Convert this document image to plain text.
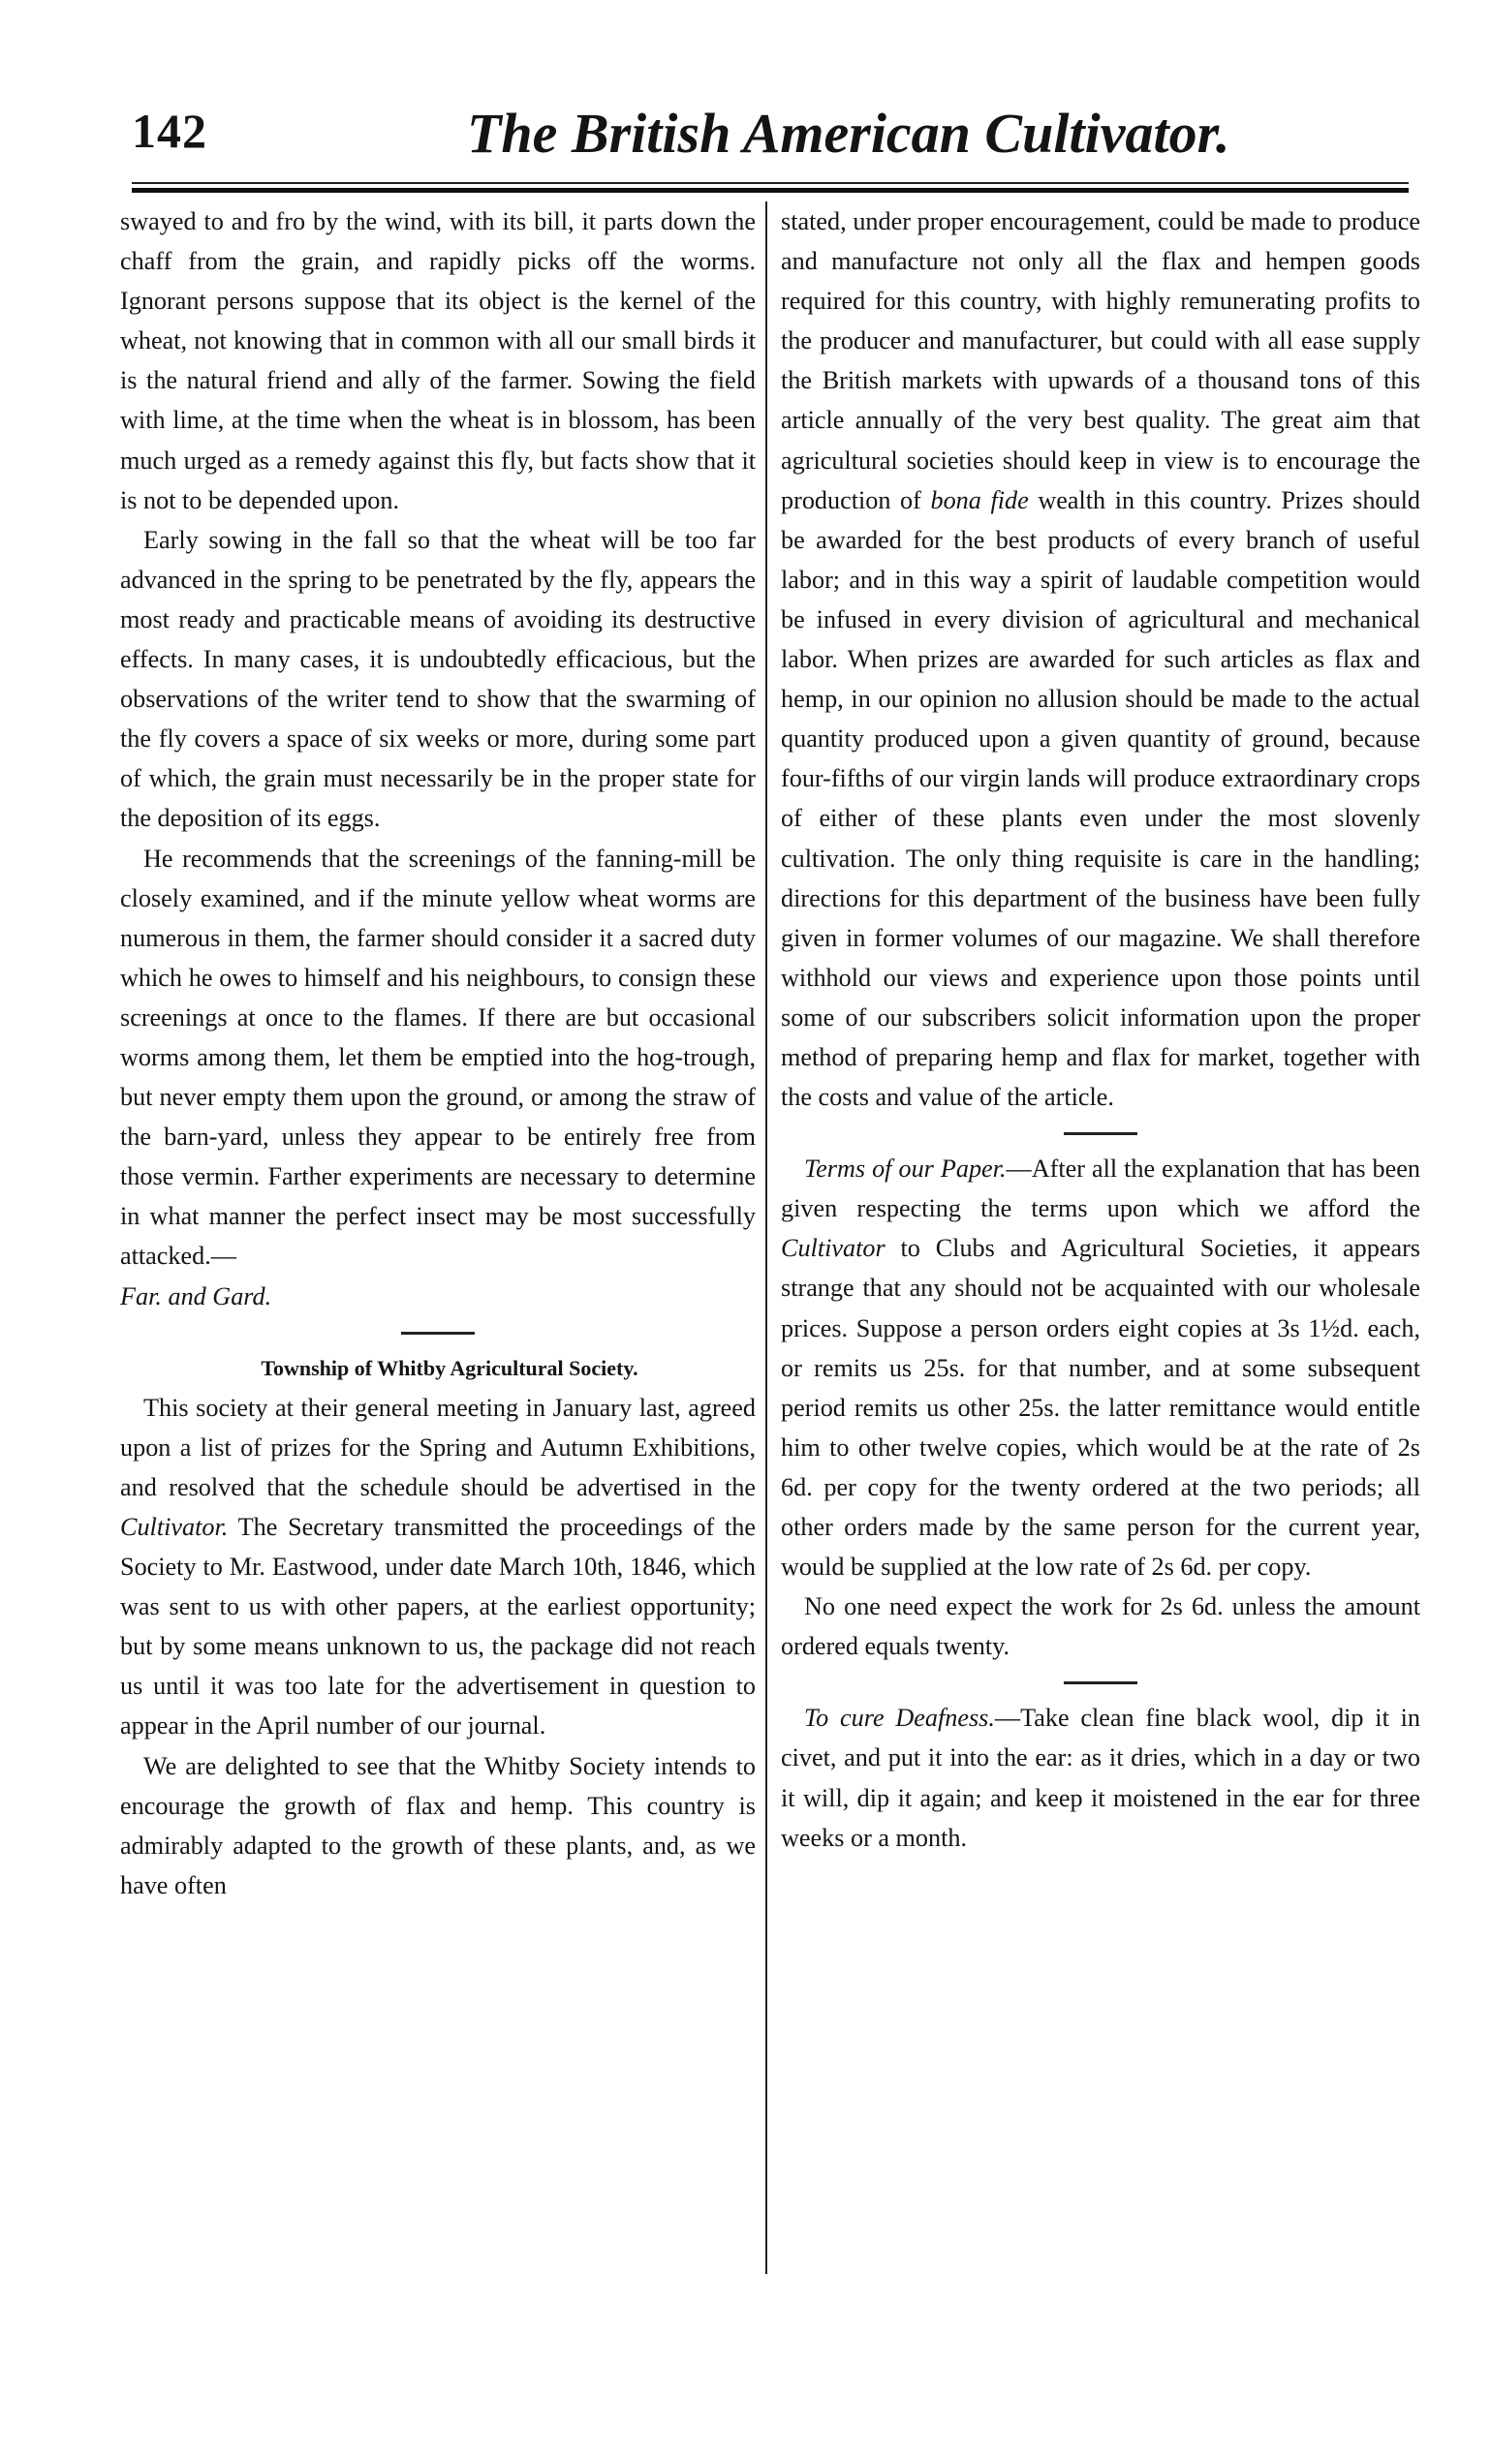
142	The British American Cultivator.

swayed to and fro by the wind, with its bill, it parts down the chaff from the grain, and rapidly picks off the worms. Ignorant persons suppose that its object is the kernel of the wheat, not knowing that in common with all our small birds it is the natural friend and ally of the farmer. Sowing the field with lime, at the time when the wheat is in blossom, has been much urged as a remedy against this fly, but facts show that it is not to be depended upon.

Early sowing in the fall so that the wheat will be too far advanced in the spring to be penetrated by the fly, appears the most ready and practicable means of avoiding its destructive effects. In many cases, it is undoubtedly efficacious, but the observations of the writer tend to show that the swarming of the fly covers a space of six weeks or more, during some part of which, the grain must necessarily be in the proper state for the deposition of its eggs.

He recommends that the screenings of the fanning-mill be closely examined, and if the minute yellow wheat worms are numerous in them, the farmer should consider it a sacred duty which he owes to himself and his neighbours, to consign these screenings at once to the flames. If there are but occasional worms among them, let them be emptied into the hog-trough, but never empty them upon the ground, or among the straw of the barn-yard, unless they appear to be entirely free from those vermin. Farther experiments are necessary to determine in what manner the perfect insect may be most successfully attacked.—
Far. and Gard.

Township of Whitby Agricultural Society.

This society at their general meeting in January last, agreed upon a list of prizes for the Spring and Autumn Exhibitions, and resolved that the schedule should be advertised in the Cultivator. The Secretary transmitted the proceedings of the Society to Mr. Eastwood, under date March 10th, 1846, which was sent to us with other papers, at the earliest opportunity; but by some means unknown to us, the package did not reach us until it was too late for the advertisement in question to appear in the April number of our journal.

We are delighted to see that the Whitby Society intends to encourage the growth of flax and hemp. This country is admirably adapted to the growth of these plants, and, as we have often

stated, under proper encouragement, could be made to produce and manufacture not only all the flax and hempen goods required for this country, with highly remunerating profits to the producer and manufacturer, but could with all ease supply the British markets with upwards of a thousand tons of this article annually of the very best quality. The great aim that agricultural societies should keep in view is to encourage the production of bona fide wealth in this country. Prizes should be awarded for the best products of every branch of useful labor; and in this way a spirit of laudable competition would be infused in every division of agricultural and mechanical labor. When prizes are awarded for such articles as flax and hemp, in our opinion no allusion should be made to the actual quantity produced upon a given quantity of ground, because four-fifths of our virgin lands will produce extraordinary crops of either of these plants even under the most slovenly cultivation. The only thing requisite is care in the handling; directions for this department of the business have been fully given in former volumes of our magazine. We shall therefore withhold our views and experience upon those points until some of our subscribers solicit information upon the proper method of preparing hemp and flax for market, together with the costs and value of the article.

Terms of our Paper.—After all the explanation that has been given respecting the terms upon which we afford the Cultivator to Clubs and Agricultural Societies, it appears strange that any should not be acquainted with our wholesale prices. Suppose a person orders eight copies at 3s 1½d. each, or remits us 25s. for that number, and at some subsequent period remits us other 25s. the latter remittance would entitle him to other twelve copies, which would be at the rate of 2s 6d. per copy for the twenty ordered at the two periods; all other orders made by the same person for the current year, would be supplied at the low rate of 2s 6d. per copy.

No one need expect the work for 2s 6d. unless the amount ordered equals twenty.

To cure Deafness.—Take clean fine black wool, dip it in civet, and put it into the ear: as it dries, which in a day or two it will, dip it again; and keep it moistened in the ear for three weeks or a month.
